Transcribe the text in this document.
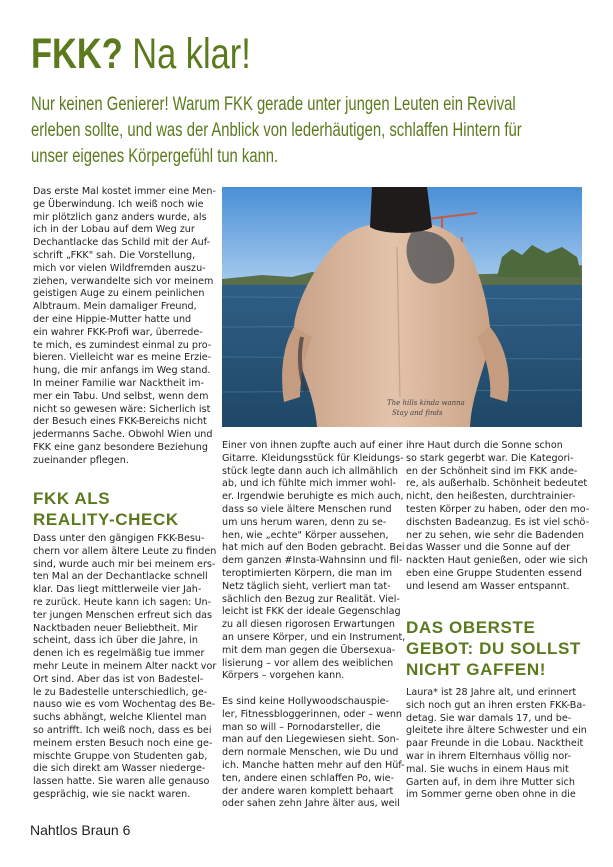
FKK? Na klar!
Nur keinen Genierer! Warum FKK gerade unter jungen Leuten ein Revival
erleben sollte, und was der Anblick von lederhäutigen, schlaffen Hintern für
unser eigenes Körpergefühl tun kann.
Das erste Mal kostet immer eine Men-
ge Überwindung. Ich weiß noch wie
mir plötzlich ganz anders wurde, als
ich in der Lobau auf dem Weg zur
Dechantlacke das Schild mit der Auf-
schrift „FKK" sah. Die Vorstellung,
mich vor vielen Wildfremden auszu-
ziehen, verwandelte sich vor meinem
geistigen Auge zu einem peinlichen
Albtraum. Mein damaliger Freund,
der eine Hippie-Mutter hatte und
ein wahrer FKK-Profi war, überrede-
te mich, es zumindest einmal zu pro-
bieren. Vielleicht war es meine Erzie-
hung, die mir anfangs im Weg stand.
In meiner Familie war Nacktheit im-
mer ein Tabu. Und selbst, wenn dem
nicht so gewesen wäre: Sicherlich ist
der Besuch eines FKK-Bereichs nicht
jedermanns Sache. Obwohl Wien und
FKK eine ganz besondere Beziehung
zueinander pflegen.
FKK ALS
REALITY-CHECK
Dass unter den gängigen FKK-Besu-
chern vor allem ältere Leute zu finden
sind, wurde auch mir bei meinem ers-
ten Mal an der Dechantlacke schnell
klar. Das liegt mittlerweile vier Jah-
re zurück. Heute kann ich sagen: Un-
ter jungen Menschen erfreut sich das
Nacktbaden neuer Beliebtheit. Mir
scheint, dass ich über die Jahre, in
denen ich es regelmäßig tue immer
mehr Leute in meinem Alter nackt vor
Ort sind. Aber das ist von Badestel-
le zu Badestelle unterschiedlich, ge-
nauso wie es vom Wochentag des Be-
suchs abhängt, welche Klientel man
so antrifft. Ich weiß noch, dass es bei
meinem ersten Besuch noch eine ge-
mischte Gruppe von Studenten gab,
die sich direkt am Wasser niederge-
lassen hatte. Sie waren alle genauso
gesprächig, wie sie nackt waren.
The hills kinda wanna
Stay and finds
Einer von ihnen zupfte auch auf einer
Gitarre. Kleidungsstück für Kleidungs-
stück legte dann auch ich allmählich
ab, und ich fühlte mich immer wohl-
er. Irgendwie beruhigte es mich auch,
dass so viele ältere Menschen rund
um uns herum waren, denn zu se-
hen, wie „echte" Körper aussehen,
hat mich auf den Boden gebracht. Bei
dem ganzen #Insta-Wahnsinn und fil-
teroptimierten Körpern, die man im
Netz täglich sieht, verliert man tat-
sächlich den Bezug zur Realität. Viel-
leicht ist FKK der ideale Gegenschlag
zu all diesen rigorosen Erwartungen
an unsere Körper, und ein Instrument,
mit dem man gegen die Übersexua-
lisierung – vor allem des weiblichen
Körpers – vorgehen kann.

Es sind keine Hollywoodschauspie-
ler, Fitnessbloggerinnen, oder – wenn
man so will – Pornodarsteller, die
man auf den Liegewiesen sieht. Son-
dern normale Menschen, wie Du und
ich. Manche hatten mehr auf den Hüf-
ten, andere einen schlaffen Po, wie-
der andere waren komplett behaart
oder sahen zehn Jahre älter aus, weil
ihre Haut durch die Sonne schon
so stark gegerbt war. Die Kategori-
en der Schönheit sind im FKK ande-
re, als außerhalb. Schönheit bedeutet
nicht, den heißesten, durchtrainier-
testen Körper zu haben, oder den mo-
dischsten Badeanzug. Es ist viel schö-
ner zu sehen, wie sehr die Badenden
das Wasser und die Sonne auf der
nackten Haut genießen, oder wie sich
eben eine Gruppe Studenten essend
und lesend am Wasser entspannt.
DAS OBERSTE
GEBOT: DU SOLLST
NICHT GAFFEN!
Laura* ist 28 Jahre alt, und erinnert
sich noch gut an ihren ersten FKK-Ba-
detag. Sie war damals 17, und be-
gleitete ihre ältere Schwester und ein
paar Freunde in die Lobau. Nacktheit
war in ihrem Elternhaus völlig nor-
mal. Sie wuchs in einem Haus mit
Garten auf, in dem ihre Mutter sich
im Sommer gerne oben ohne in die
Nahtlos Braun 6
